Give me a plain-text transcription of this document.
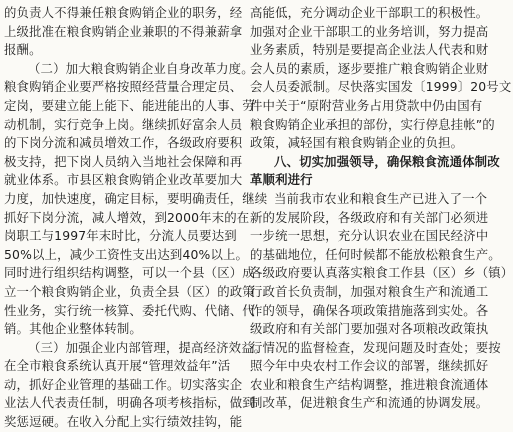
的负责人不得兼任粮食购销企业的职务，经
上级批准在粮食购销企业兼职的不得兼薪拿
报酬。
（二）加大粮食购销企业自身改革力度。
粮食购销企业要严格按照经营量合理定员、
定岗，要建立能上能下、能进能出的人事、劳
动机制，实行竞争上岗。继续抓好富余人员
的下岗分流和减员增效工作，各级政府要积
极支持，把下岗人员纳入当地社会保障和再
就业体系。市县区粮食购销企业改革要加大
力度，加快速度，确定目标，要明确责任，继续
抓好下岗分流，减人增效，到2000年末的在
岗职工与1997年末时比，分流人员要达到
50%以上，减少工资性支出达到40%以上。
同时进行组织结构调整，可以一个县（区）成
立一个粮食购销企业，负责全县（区）的政策
性业务，实行统一核算、委托代购、代储、代
销。其他企业整体转制。
（三）加强企业内部管理，提高经济效益。
在全市粮食系统认真开展“管理效益年”活
动，抓好企业管理的基础工作。切实落实企
业法人代表责任制，明确各项考核指标，做到
奖惩逗硬。在收入分配上实行绩效挂钩，能
高能低，充分调动企业干部职工的积极性。
加强对企业干部职工的业务培训，努力提高
业务素质，特别是要提高企业法人代表和财
会人员的素质，逐步要推广粮食购销企业财
会人员委派制。尽快落实国发〔1999〕20号文
件中关于“原附营业务占用贷款中仍由国有
粮食购销企业承担的部份，实行停息挂帐”的
政策，减轻国有粮食购销企业的负担。
八、切实加强领导，确保粮食流通体制改
革顺利进行
当前我市农业和粮食生产已进入了一个
新的发展阶段，各级政府和有关部门必须进
一步统一思想，充分认识农业在国民经济中
的基础地位，任何时候都不能放松粮食生产。
各级政府要认真落实粮食工作县（区）乡（镇）
行政首长负责制，加强对粮食生产和流通工
作的领导，确保各项政策措施落到实处。各
级政府和有关部门要加强对各项粮改政策执
行情况的监督检查，发现问题及时查处；要按
照今年中央农村工作会议的部署，继续抓好
农业和粮食生产结构调整，推进粮食流通体
制改革，促进粮食生产和流通的协调发展。
